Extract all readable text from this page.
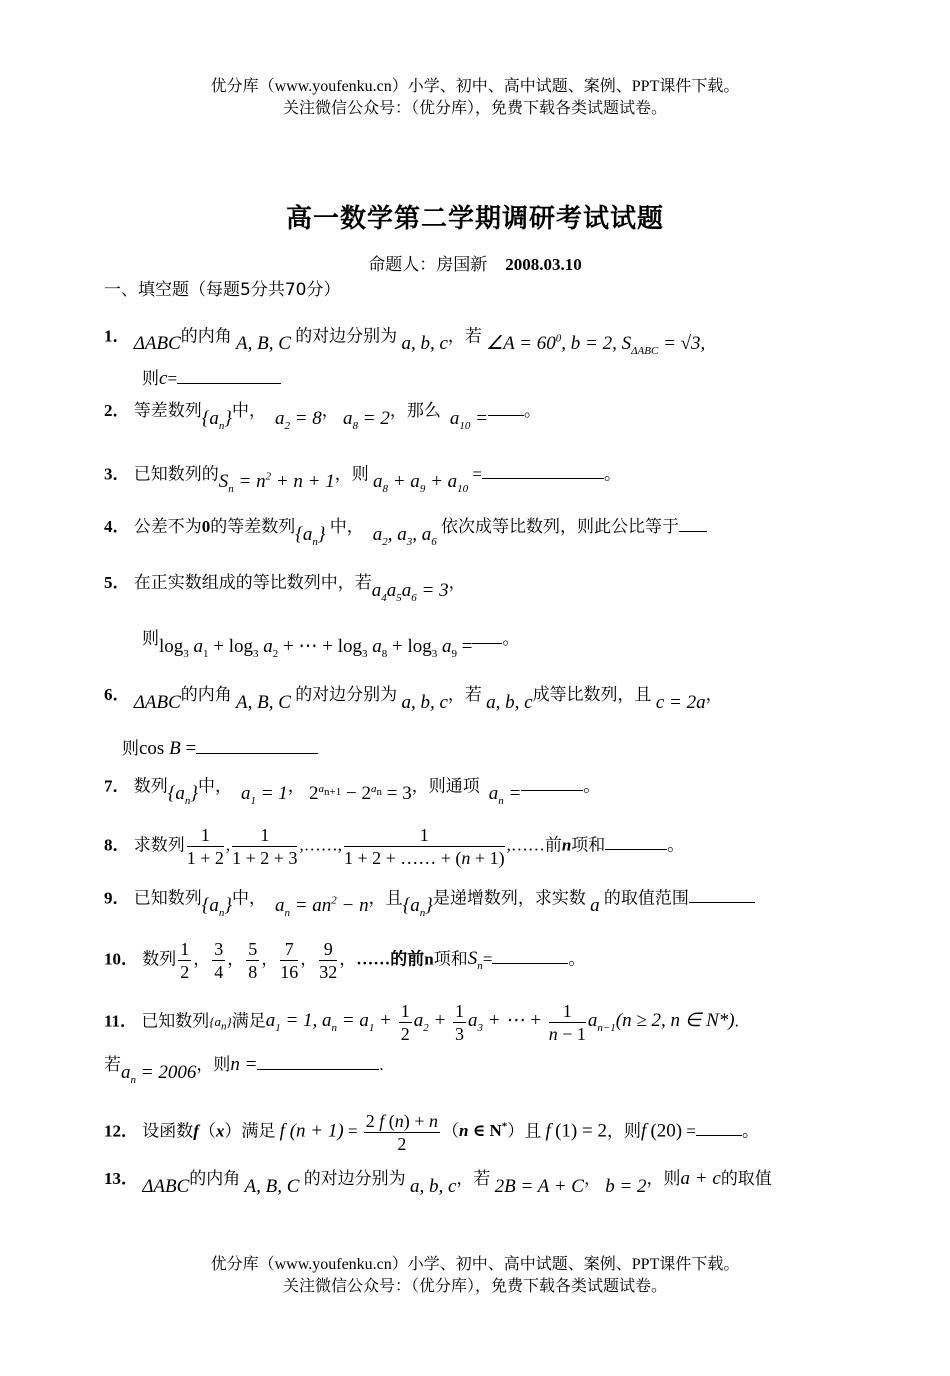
优分库（www.youfenku.cn）小学、初中、高中试题、案例、PPT课件下载。
关注微信公众号：（优分库），免费下载各类试题试卷。
高一数学第二学期调研考试试题
命题人：房国新 2008.03.10
一、填空题（每题5分共70分）
1． ΔABC的内角 A, B, C 的对边分别为 a, b, c，若 ∠A = $60^0$, b = 2, $S_{\Delta ABC} = √3$,
则c=
2． 等差数列$\{a_n\}$中，  $a_2 = 8$， $a_8 = 2$，那么  $a_{10}$ = 。
3． 已知数列的$S_n = n^2 + n + 1$，则 $a_8 + a_9 + a_{10}$ =	。
4． 公差不为0的等差数列$\{a_n\}$ 中，  $a_2$, $a_3$, $a_6$ 依次成等比数列，则此公比等于
5． 在正实数组成的等比数列中，若$a_4a_5a_6 = 3$，
则$\log_3 a_1 + \log_3 a_2$ + ⋯ + $\log_3 a_8 + \log_3 a_9$ = 。
6． ΔABC的内角 A, B, C 的对边分别为 a, b, c，若 a, b, c成等比数列，且 c = 2a，
则cos B =
7． 数列$\{a_n\}$中，  $a_1 = 1$， $2^{a_{n+1}} - 2^{a_n} = 3$，则通项  $a_n$ =	。
8． 求数列 $\frac{1}{1 + 2}$ , $\frac{1}{1 + 2 + 3}$ ,……, $\frac{1}{1 + 2 + \dots\dots + (n + 1)}$ ,……前n项和	。
9． 已知数列$\{a_n\}$中，  $a_n = an^2 - n$，且$\{a_n\}$是递增数列，求实数 a 的取值范围
10． 数列 $\frac{1}{2}$ ， $\frac{3}{4}$ ， $\frac{5}{8}$ ， $\frac{7}{16}$ ， $\frac{9}{32}$ ，……的前n项和$S_n=$	。
11． 已知数列$\{a_n\}$满足$a_1 = 1$, $a_n = a_1 + \frac{1}{2} a_2 + \frac{1}{3} a_3$ + ⋯ + $\frac{1}{n - 1} a_{n-1}(n \ge 2$, n ∈ N*).
若$a_n = 2006$，则n =	.
12． 设函数f（x）满足 f $(n + 1) = \frac{2 f (n) + n}{2} (n$ ∈ N*）且 f (1) = 2，则f (20) =	。
13． ΔABC的内角 A, B, C 的对边分别为 a, b, c，若 2B = A + C， b = 2，则a + c的取值
优分库（www.youfenku.cn）小学、初中、高中试题、案例、PPT课件下载。
关注微信公众号：（优分库），免费下载各类试题试卷。
